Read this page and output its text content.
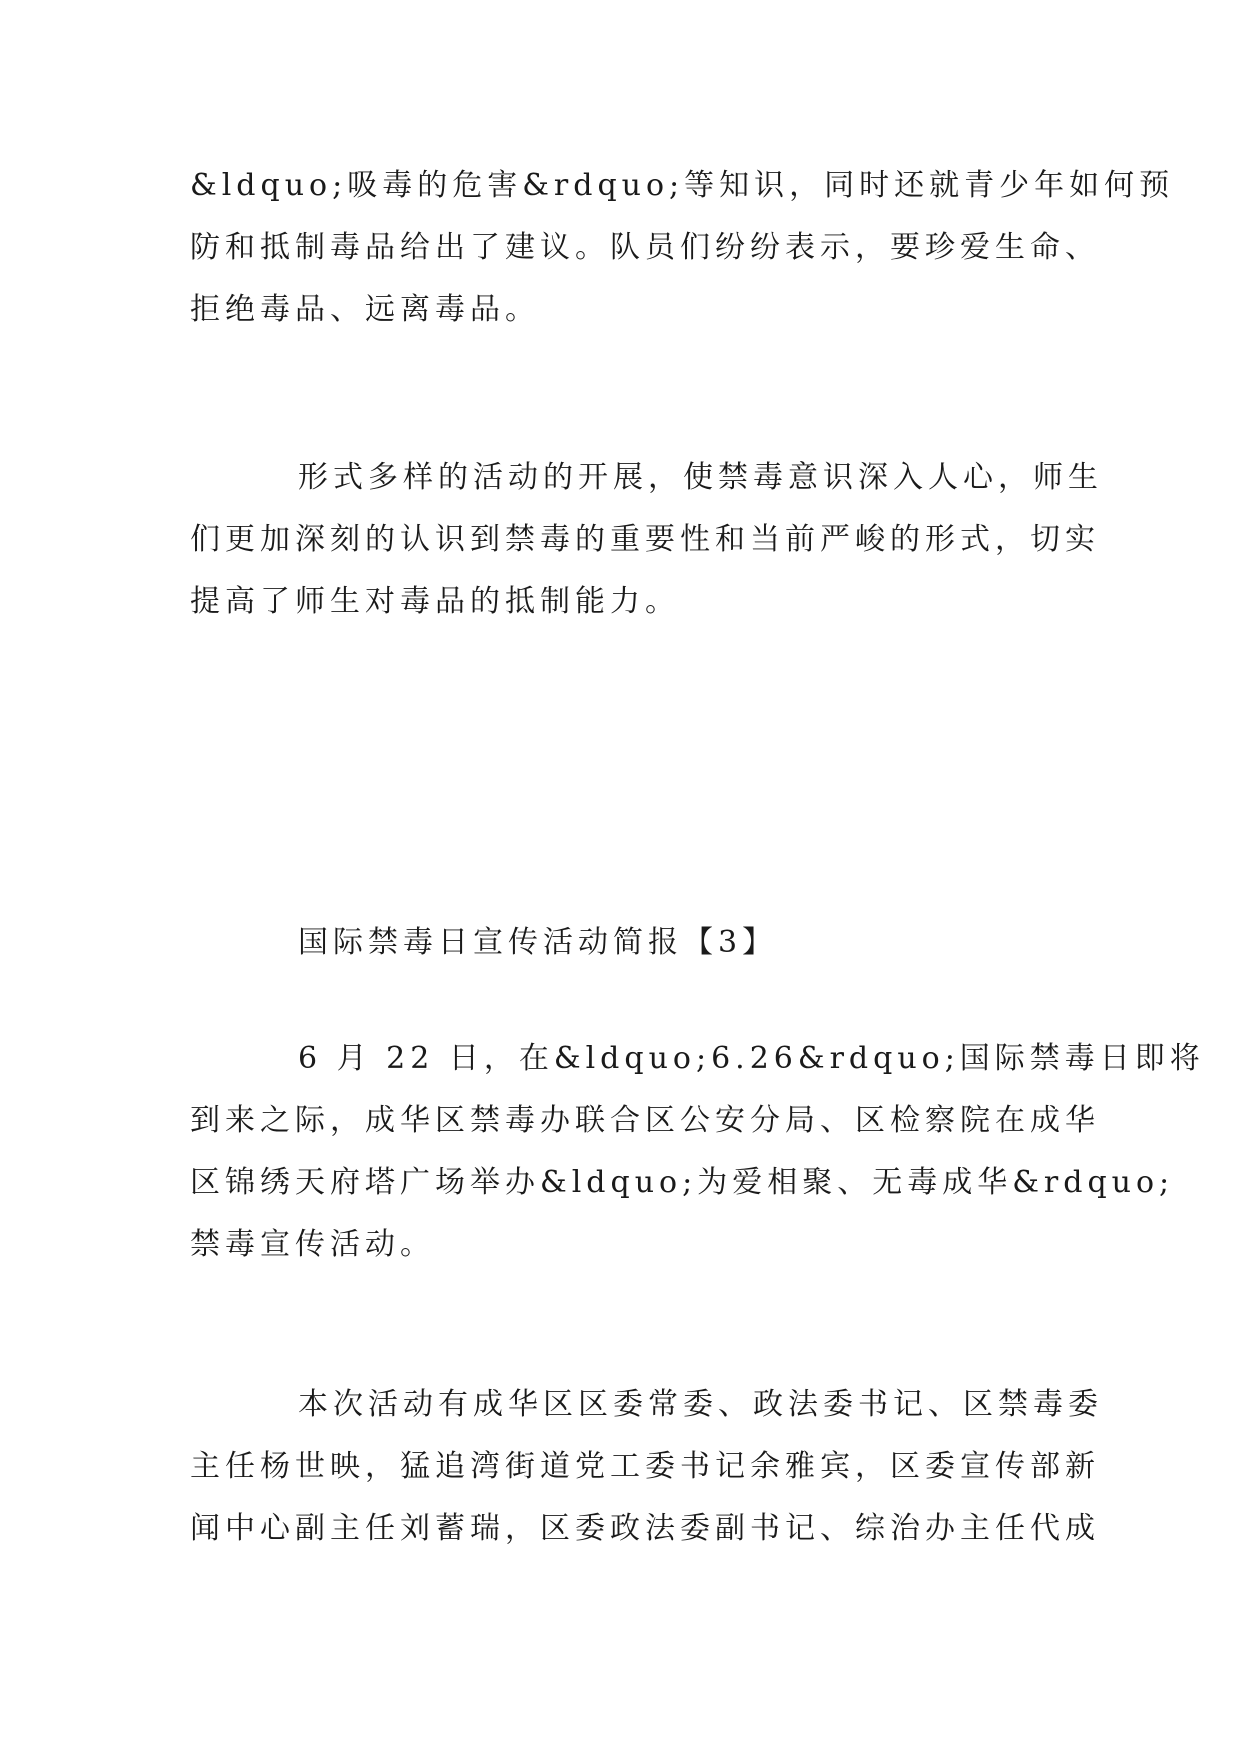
&ldquo;吸毒的危害&rdquo;等知识，同时还就青少年如何预
防和抵制毒品给出了建议。队员们纷纷表示，要珍爱生命、
拒绝毒品、远离毒品。
形式多样的活动的开展，使禁毒意识深入人心，师生
们更加深刻的认识到禁毒的重要性和当前严峻的形式，切实
提高了师生对毒品的抵制能力。
国际禁毒日宣传活动简报【3】
6 月 22 日，在&ldquo;6.26&rdquo;国际禁毒日即将
到来之际，成华区禁毒办联合区公安分局、区检察院在成华
区锦绣天府塔广场举办&ldquo;为爱相聚、无毒成华&rdquo;
禁毒宣传活动。
本次活动有成华区区委常委、政法委书记、区禁毒委
主任杨世映，猛追湾街道党工委书记余雅宾，区委宣传部新
闻中心副主任刘蓄瑞，区委政法委副书记、综治办主任代成
